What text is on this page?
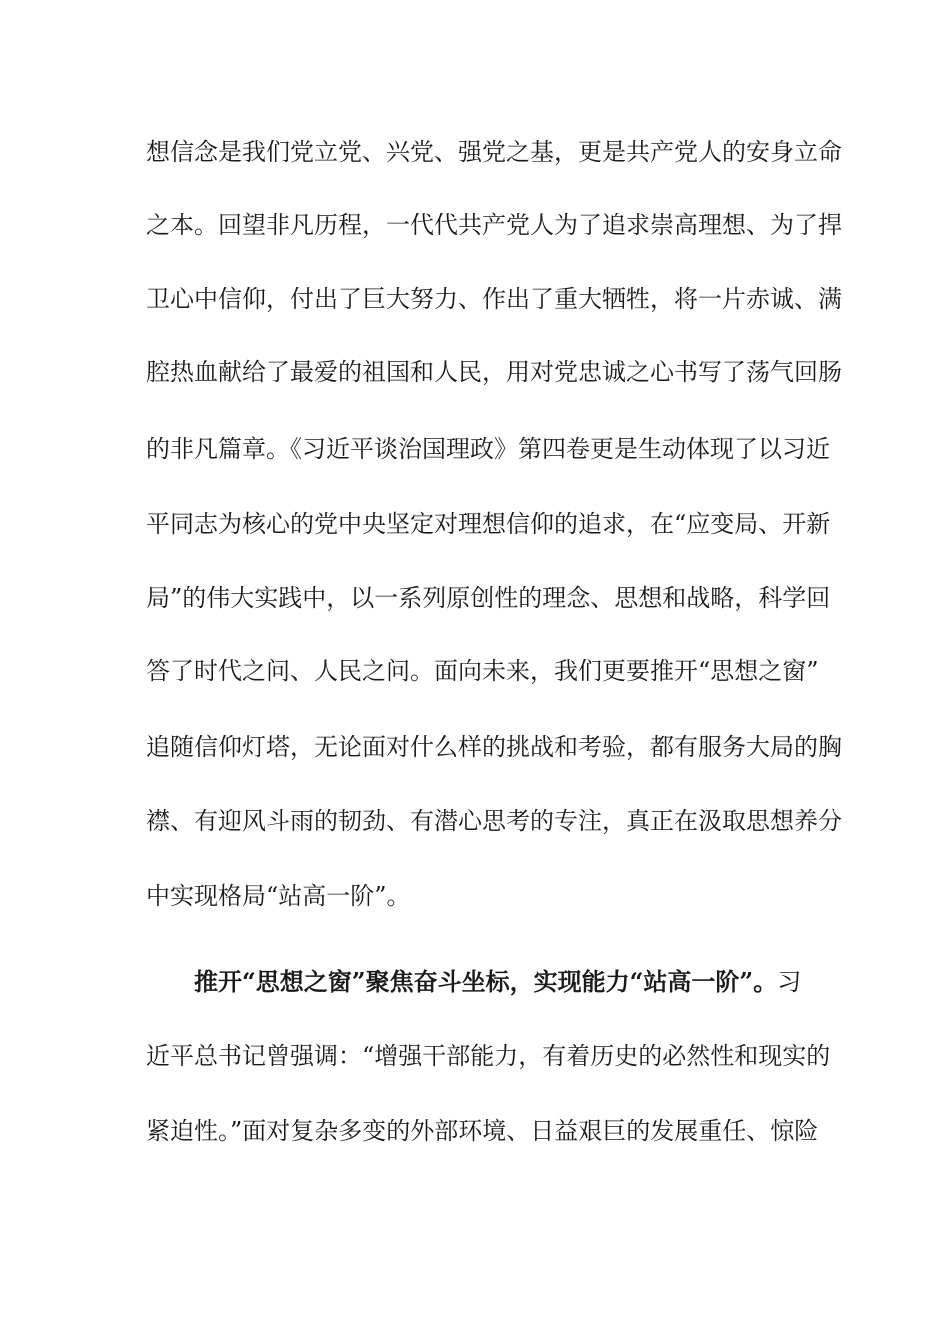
想信念是我们党立党、兴党、强党之基，更是共产党人的安身立命
之本。回望非凡历程，一代代共产党人为了追求崇高理想、为了捍
卫心中信仰，付出了巨大努力、作出了重大牺牲，将一片赤诚、满
腔热血献给了最爱的祖国和人民，用对党忠诚之心书写了荡气回肠
的非凡篇章。《习近平谈治国理政》第四卷更是生动体现了以习近
平同志为核心的党中央坚定对理想信仰的追求，在“应变局、开新
局”的伟大实践中，以一系列原创性的理念、思想和战略，科学回
答了时代之问、人民之问。面向未来，我们更要推开“思想之窗”
追随信仰灯塔，无论面对什么样的挑战和考验，都有服务大局的胸
襟、有迎风斗雨的韧劲、有潜心思考的专注，真正在汲取思想养分
中实现格局“站高一阶”。
推开“思想之窗”聚焦奋斗坐标，实现能力“站高一阶”。习
近平总书记曾强调：“增强干部能力，有着历史的必然性和现实的
紧迫性。”面对复杂多变的外部环境、日益艰巨的发展重任、惊险
